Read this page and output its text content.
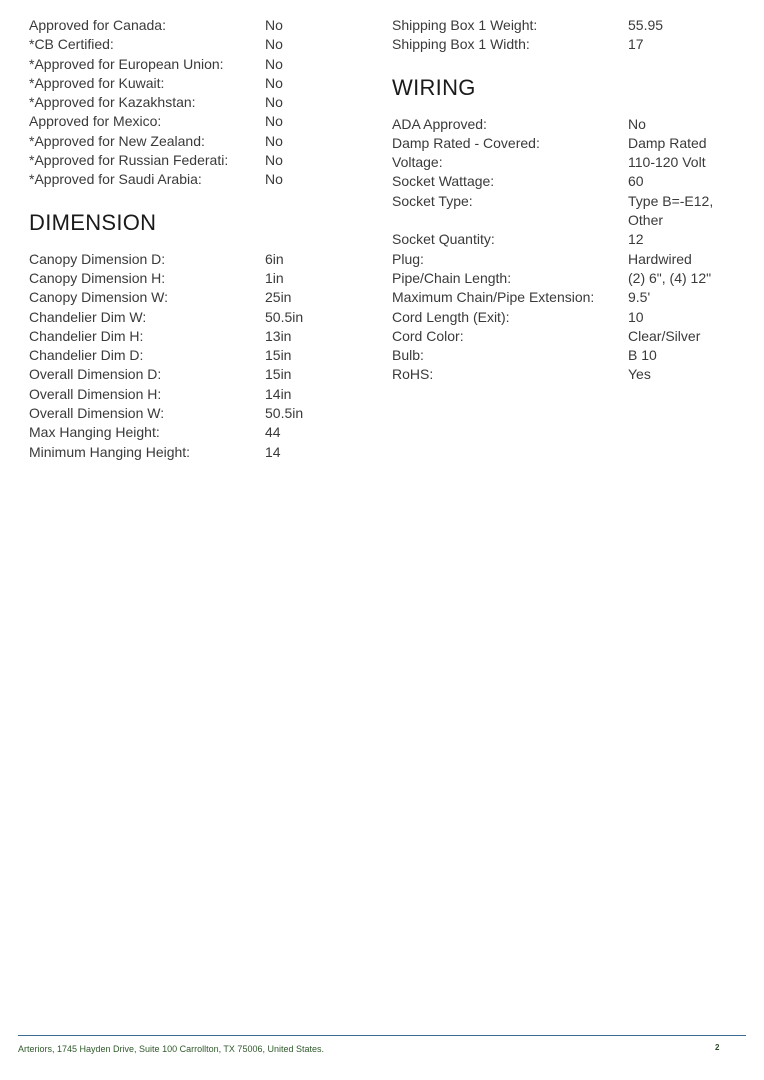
Approved for Canada:	No
*CB Certified:	No
*Approved for European Union:	No
*Approved for Kuwait:	No
*Approved for Kazakhstan:	No
Approved for Mexico:	No
*Approved for New Zealand:	No
*Approved for Russian Federati:	No
*Approved for Saudi Arabia:	No
DIMENSION
Canopy Dimension D:	6in
Canopy Dimension H:	1in
Canopy Dimension W:	25in
Chandelier Dim W:	50.5in
Chandelier Dim H:	13in
Chandelier Dim D:	15in
Overall Dimension D:	15in
Overall Dimension H:	14in
Overall Dimension W:	50.5in
Max Hanging Height:	44
Minimum Hanging Height:	14
Shipping Box 1 Weight:	55.95
Shipping Box 1 Width:	17
WIRING
ADA Approved:	No
Damp Rated - Covered:	Damp Rated
Voltage:	110-120 Volt
Socket Wattage:	60
Socket Type:	Type B=-E12,
Other
Socket Quantity:	12
Plug:	Hardwired
Pipe/Chain Length:	(2) 6", (4) 12"
Maximum Chain/Pipe Extension:	9.5'
Cord Length (Exit):	10
Cord Color:	Clear/Silver
Bulb:	B 10
RoHS:	Yes
Arteriors, 1745 Hayden Drive, Suite 100 Carrollton, TX 75006, United States.	2
